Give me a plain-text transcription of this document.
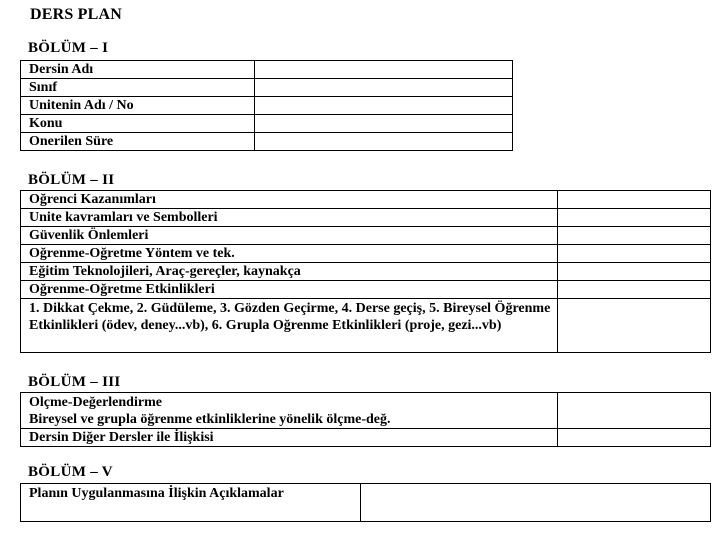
DERS PLAN
BÖLÜM – I
Dersin Adı	
Sınıf	
Unitenin Adı / No	
Konu	
Onerilen Süre	
BÖLÜM – II
Oğrenci Kazanımları	
Unite kavramları ve Sembolleri	
Güvenlik Önlemleri	
Oğrenme-Oğretme Yöntem ve tek.	
Eğitim Teknolojileri, Araç-gereçler, kaynakça	
Oğrenme-Oğretme Etkinlikleri	
1. Dikkat Çekme, 2. Güdüleme, 3. Gözden Geçirme, 4. Derse geçiş, 5. Bireysel Öğrenme Etkinlikleri (ödev, deney...vb), 6. Grupla Oğrenme Etkinlikleri (proje, gezi...vb)	
BÖLÜM – III
Olçme-Değerlendirme
Bireysel ve grupla öğrenme etkinliklerine yönelik ölçme-değ.	

Dersin Diğer Dersler ile İlişkisi	
BÖLÜM – V
Planın Uygulanmasına İlişkin Açıklamalar	
